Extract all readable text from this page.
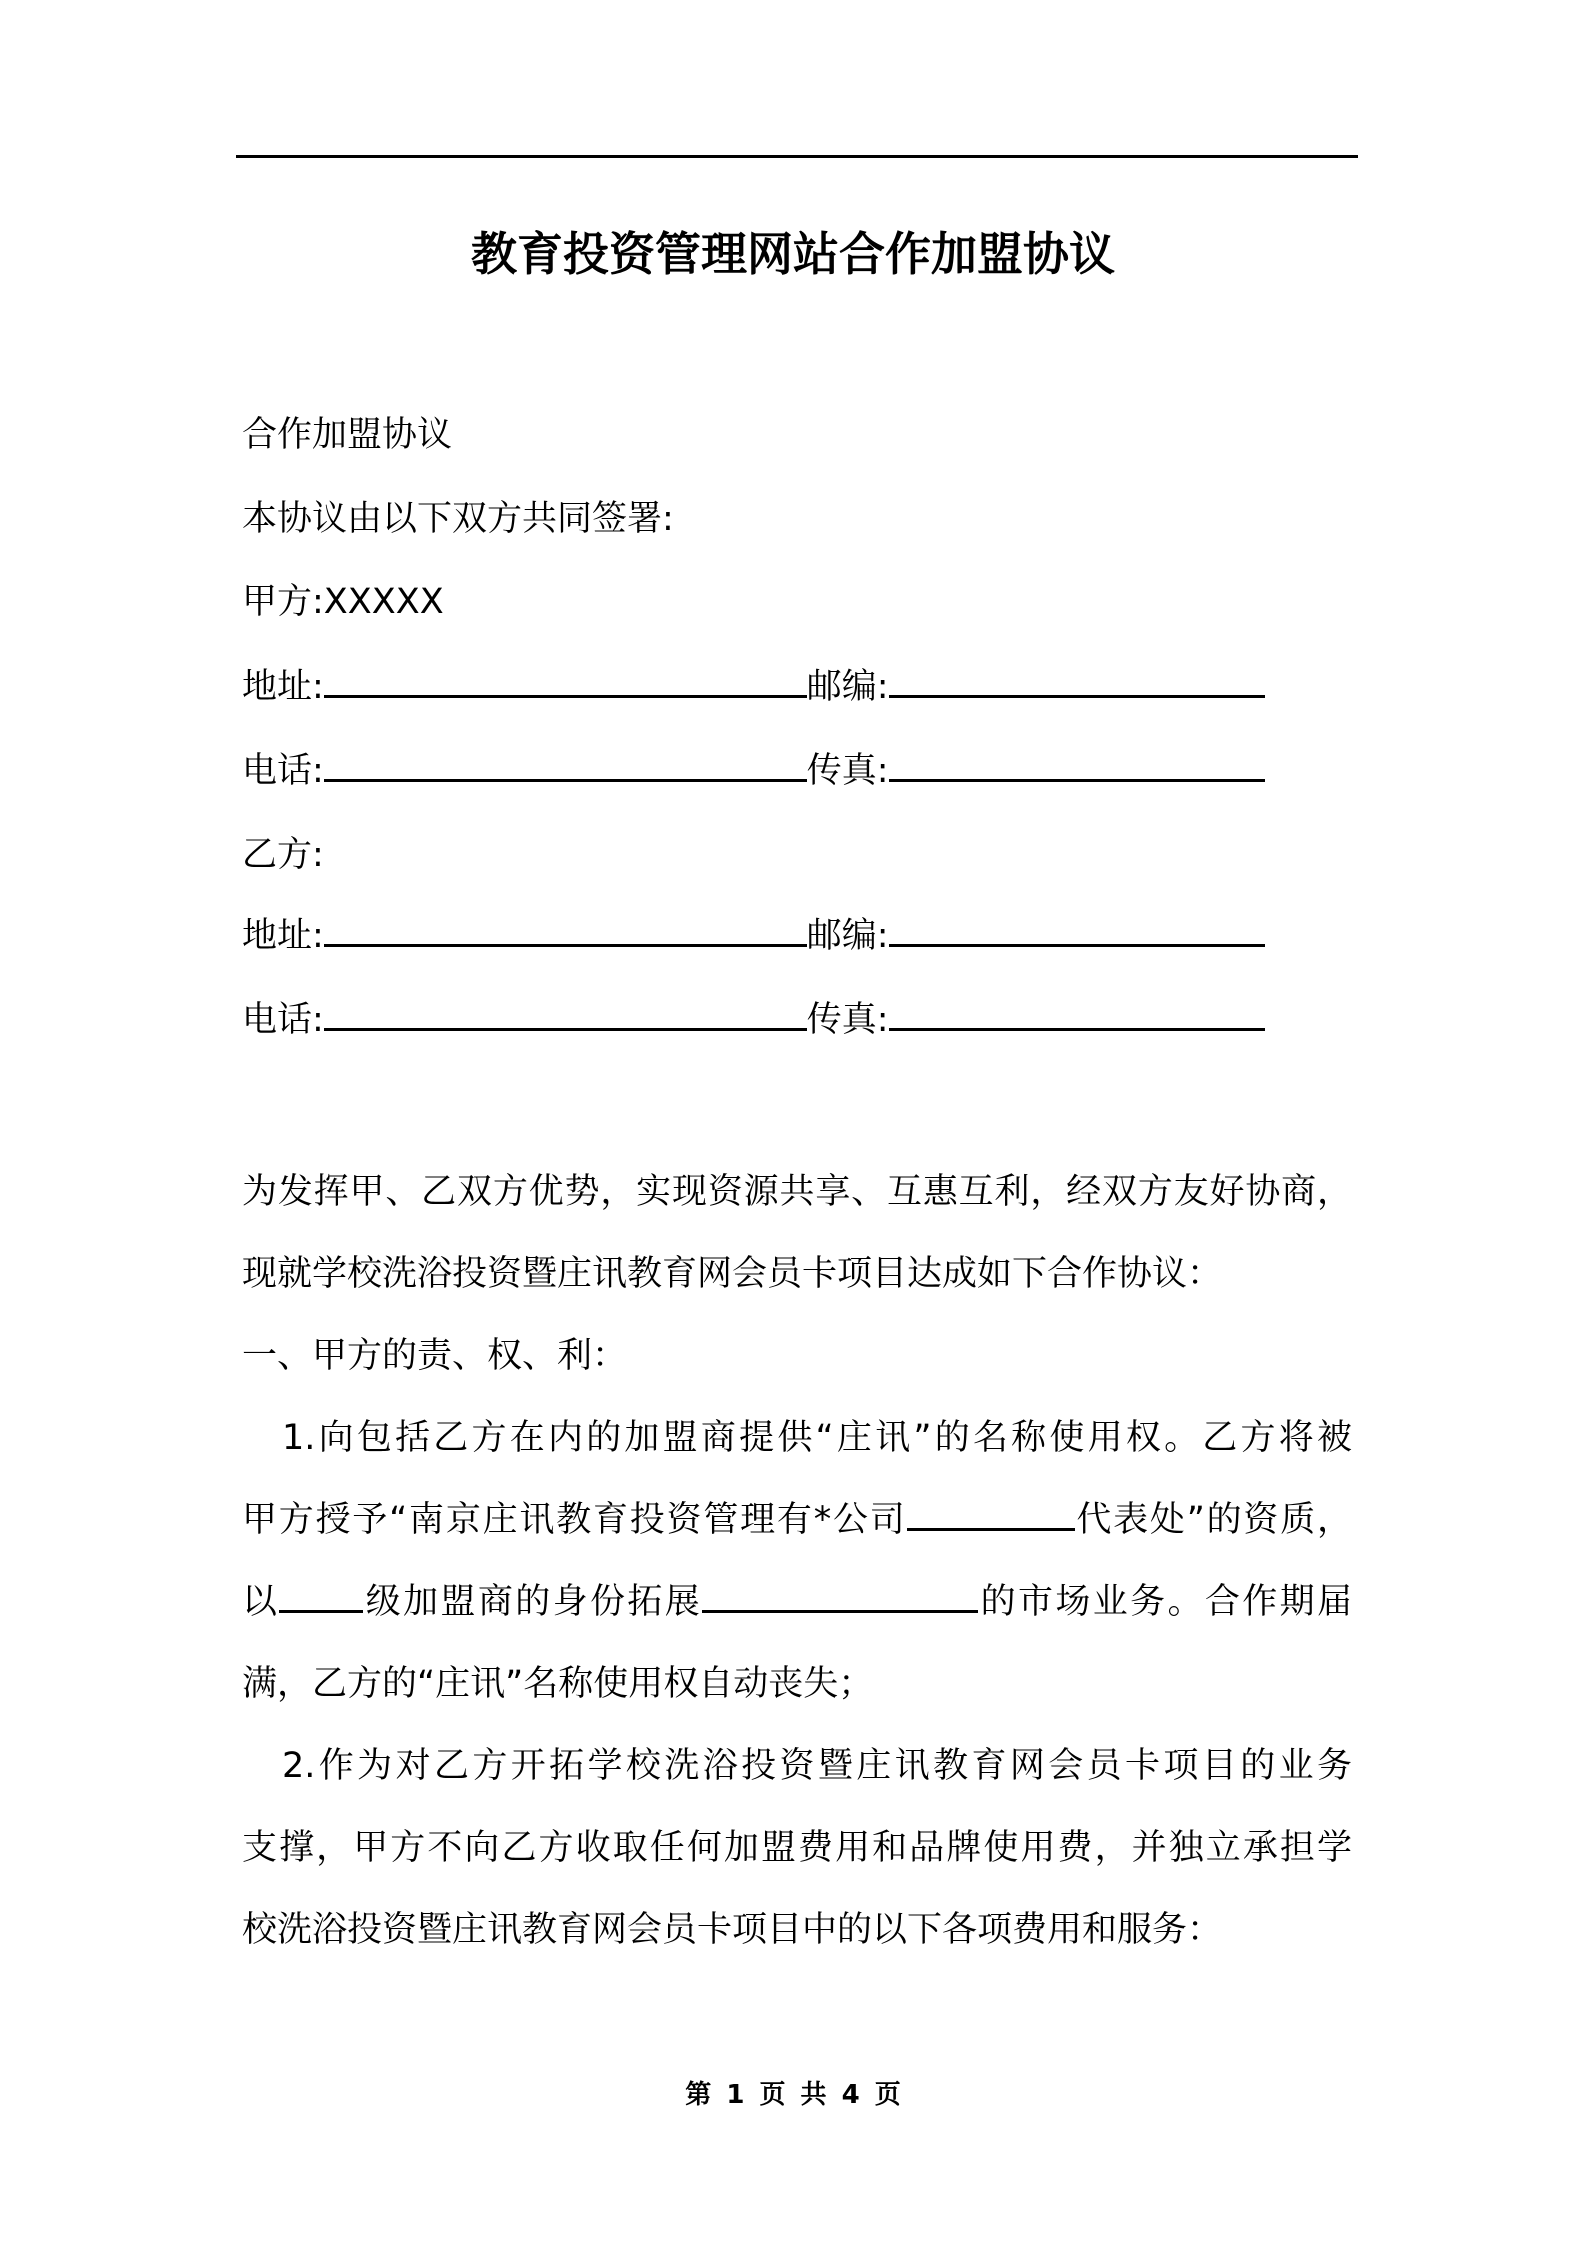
教育投资管理网站合作加盟协议
合作加盟协议
本协议由以下双方共同签署:
甲方:XXXXX
地址:	邮编:
电话:	传真:
乙方:
地址:	邮编:
电话:	传真:
为发挥甲、乙双方优势，实现资源共享、互惠互利，经双方友好协商，
现就学校洗浴投资暨庄讯教育网会员卡项目达成如下合作协议：
一、甲方的责、权、利：
1.向包括乙方在内的加盟商提供“庄讯”的名称使用权。乙方将被
甲方授予“南京庄讯教育投资管理有*公司	代表处”的资质，
以 级加盟商的身份拓展	的市场业务。合作期届
满，乙方的“庄讯”名称使用权自动丧失；
2.作为对乙方开拓学校洗浴投资暨庄讯教育网会员卡项目的业务
支撑，甲方不向乙方收取任何加盟费用和品牌使用费，并独立承担学
校洗浴投资暨庄讯教育网会员卡项目中的以下各项费用和服务：
第 1 页 共 4 页
